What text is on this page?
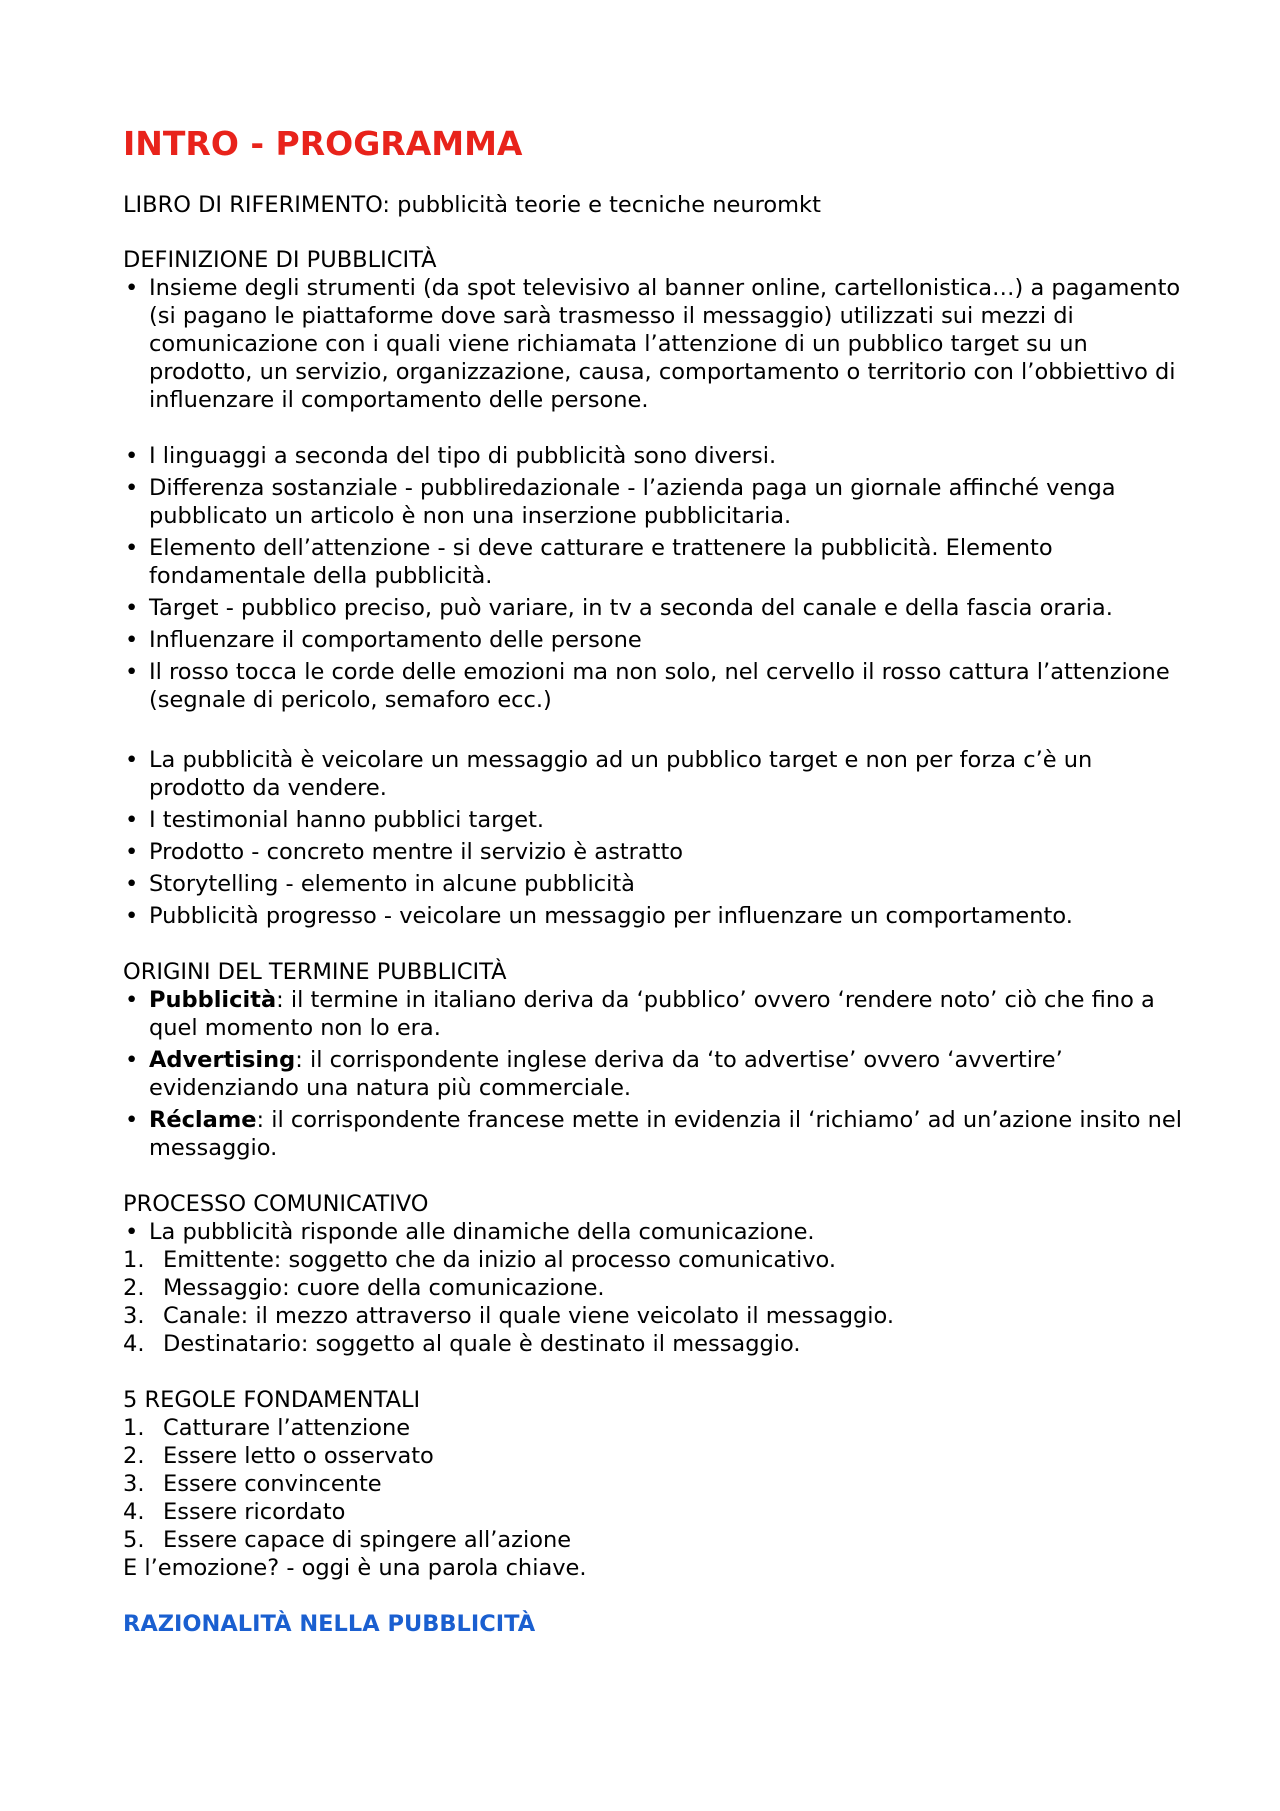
INTRO - PROGRAMMA

LIBRO DI RIFERIMENTO: pubblicità teorie e tecniche neuromkt

DEFINIZIONE DI PUBBLICITÀ

• Insieme degli strumenti (da spot televisivo al banner online, cartellonistica…) a pagamento (si pagano le piattaforme dove sarà trasmesso il messaggio) utilizzati sui mezzi di comunicazione con i quali viene richiamata l’attenzione di un pubblico target su un prodotto, un servizio, organizzazione, causa, comportamento o territorio con l’obbiettivo di influenzare il comportamento delle persone.
• I linguaggi a seconda del tipo di pubblicità sono diversi.
• Differenza sostanziale - pubbliredazionale - l’azienda paga un giornale affinché venga pubblicato un articolo è non una inserzione pubblicitaria.
• Elemento dell’attenzione - si deve catturare e trattenere la pubblicità. Elemento fondamentale della pubblicità.
• Target - pubblico preciso, può variare, in tv a seconda del canale e della fascia oraria.
• Influenzare il comportamento delle persone
• Il rosso tocca le corde delle emozioni ma non solo, nel cervello il rosso cattura l’attenzione (segnale di pericolo, semaforo ecc.)
• La pubblicità è veicolare un messaggio ad un pubblico target e non per forza c’è un prodotto da vendere.
• I testimonial hanno pubblici target.
• Prodotto - concreto mentre il servizio è astratto
• Storytelling - elemento in alcune pubblicità
• Pubblicità progresso - veicolare un messaggio per influenzare un comportamento.

ORIGINI DEL TERMINE PUBBLICITÀ

• Pubblicità: il termine in italiano deriva da ‘pubblico’ ovvero ‘rendere noto’ ciò che fino a quel momento non lo era.
• Advertising: il corrispondente inglese deriva da ‘to advertise’ ovvero ‘avvertire’ evidenziando una natura più commerciale.
• Réclame: il corrispondente francese mette in evidenzia il ‘richiamo’ ad un’azione insito nel messaggio.

PROCESSO COMUNICATIVO

• La pubblicità risponde alle dinamiche della comunicazione.
1. Emittente: soggetto che da inizio al processo comunicativo.
2. Messaggio: cuore della comunicazione.
3. Canale: il mezzo attraverso il quale viene veicolato il messaggio.
4. Destinatario: soggetto al quale è destinato il messaggio.

5 REGOLE FONDAMENTALI

1. Catturare l’attenzione
2. Essere letto o osservato
3. Essere convincente
4. Essere ricordato
5. Essere capace di spingere all’azione

E l’emozione? - oggi è una parola chiave.

RAZIONALITÀ NELLA PUBBLICITÀ
